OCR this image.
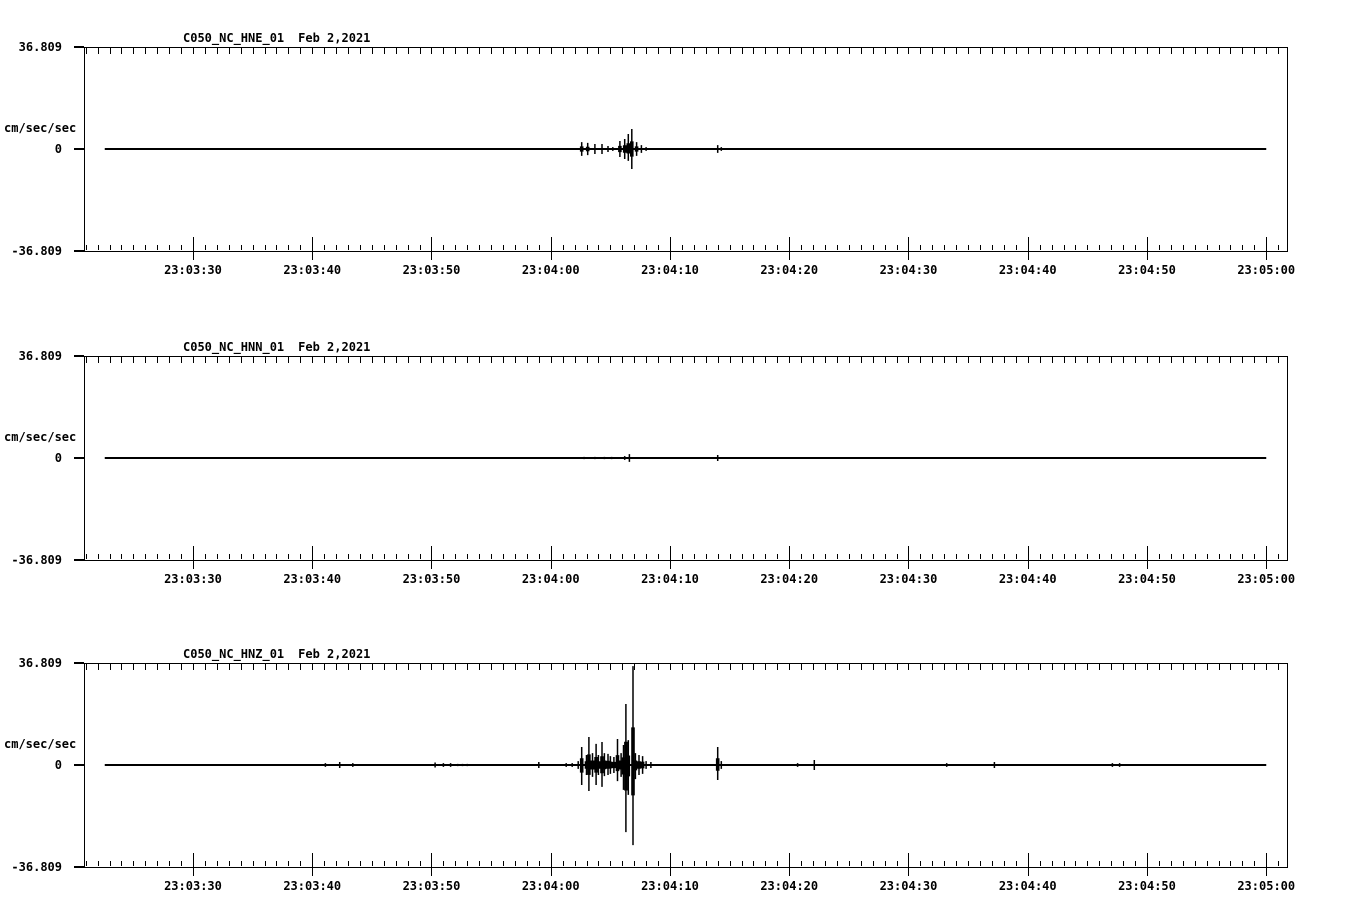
C050_NC_HNE_01 Feb 2,2021
36.809
cm/sec/sec
0
-36.809
23:03:30	23:03:40	23:03:50	23:04:00	23:04:10	23:04:20	23:04:30	23:04:40	23:04:50	23:05:00
C050_NC_HNN_01 Feb 2,2021
36.809
cm/sec/sec
0
-36.809
23:03:30	23:03:40	23:03:50	23:04:00	23:04:10	23:04:20	23:04:30	23:04:40	23:04:50	23:05:00
C050_NC_HNZ_01 Feb 2,2021
36.809
cm/sec/sec
0
-36.809
23:03:30	23:03:40	23:03:50	23:04:00	23:04:10	23:04:20	23:04:30	23:04:40	23:04:50	23:05:00
